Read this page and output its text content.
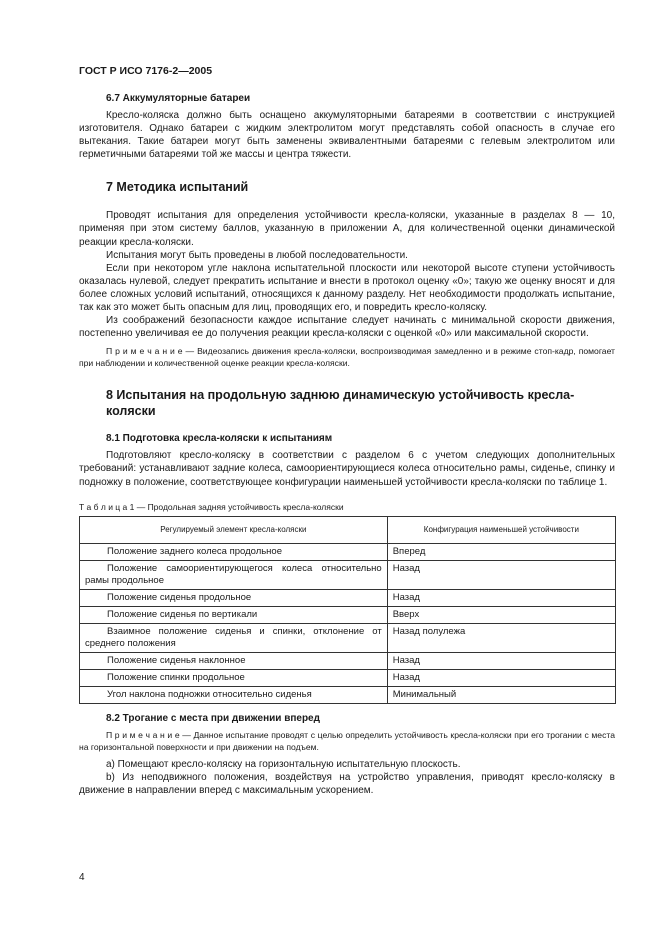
ГОСТ Р ИСО 7176-2—2005
6.7 Аккумуляторные батареи

Кресло-коляска должно быть оснащено аккумуляторными батареями в соответствии с инструкцией изготовителя. Однако батареи с жидким электролитом могут представлять собой опасность в случае его вытекания. Такие батареи могут быть заменены эквивалентными батареями с гелевым электролитом или герметичными батареями той же массы и центра тяжести.

7 Методика испытаний

Проводят испытания для определения устойчивости кресла-коляски, указанные в разделах 8 — 10, применяя при этом систему баллов, указанную в приложении А, для количественной оценки динамической реакции кресла-коляски.

Испытания могут быть проведены в любой последовательности.

Если при некотором угле наклона испытательной плоскости или некоторой высоте ступени устойчивость оказалась нулевой, следует прекратить испытание и внести в протокол оценку «0»; такую же оценку вносят и для более сложных условий испытаний, относящихся к данному разделу. Нет необходимости продолжать испытание, так как это может быть опасным для лиц, проводящих его, и повредить кресло-коляску.

Из соображений безопасности каждое испытание следует начинать с минимальной скорости движения, постепенно увеличивая ее до получения реакции кресла-коляски с оценкой «0» или максимальной скорости.

П р и м е ч а н и е — Видеозапись движения кресла-коляски, воспроизводимая замедленно и в режиме стоп-кадр, помогает при наблюдении и количественной оценке реакции кресла-коляски.

8 Испытания на продольную заднюю динамическую устойчивость кресла-коляски
8.1 Подготовка кресла-коляски к испытаниям

Подготовляют кресло-коляску в соответствии с разделом 6 с учетом следующих дополнительных требований: устанавливают задние колеса, самоориентирующиеся колеса относительно рамы, сиденье, спинку и подножку в положение, соответствующее конфигурации наименьшей устойчивости кресла-коляски по таблице 1.

Т а б л и ц а 1 — Продольная задняя устойчивость кресла-коляски
Регулируемый элемент кресла-коляски	Конфигурация наименьшей устойчивости
Положение заднего колеса продольное	Вперед
Положение самоориентирующегося колеса относительно рамы продольное	Назад
Положение сиденья продольное	Назад
Положение сиденья по вертикали	Вверх
Взаимное положение сиденья и спинки, отклонение от среднего положения	Назад полулежа
Положение сиденья наклонное	Назад
Положение спинки продольное	Назад
Угол наклона подножки относительно сиденья	Минимальный
8.2 Трогание с места при движении вперед

П р и м е ч а н и е — Данное испытание проводят с целью определить устойчивость кресла-коляски при его трогании с места на горизонтальной поверхности и при движении на подъем.

a) Помещают кресло-коляску на горизонтальную испытательную плоскость.

b) Из неподвижного положения, воздействуя на устройство управления, приводят кресло-коляску в движение в направлении вперед с максимальным ускорением.

4
